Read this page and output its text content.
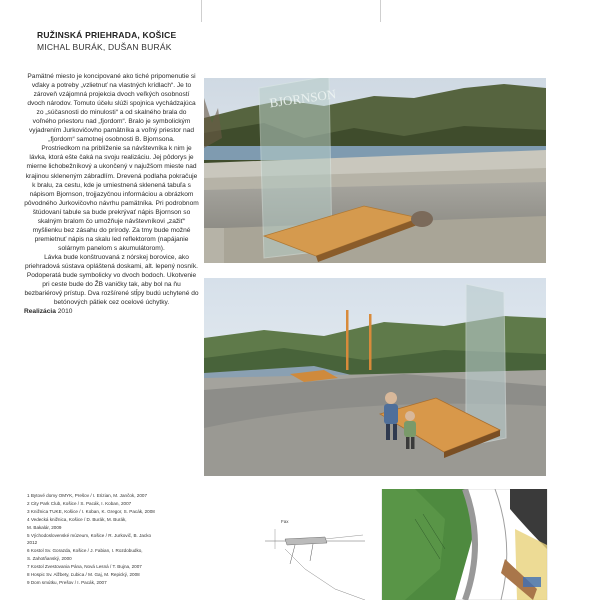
RUŽINSKÁ PRIEHRADA, KOŠICE
MICHAL BURÁK, DUŠAN BURÁK

Pamätné miesto je koncipované ako tiché pripomenutie si vďaky a potreby „vzlietnuť na vlastných krídlach“. Je to zároveň vzájomná projekcia dvoch veľkých osobností dvoch národov. Tomuto účelu slúži spojnica vychádzajúca zo „súčasnosti do minulosti“ a od skalného brala do voľného priestoru nad „fjordom“. Bralo je symbolickým vyjadrením Jurkovičovho pamätníka a voľný priestor nad „fjordom“ samotnej osobnosti B. Bjornsona.

Prostriedkom na priblíženie sa návštevníka k nim je lávka, ktorá ešte čaká na svoju realizáciu. Jej pôdorys je mierne lichobežníkový a ukončený v najužšom mieste nad krajinou skleneným zábradlím. Drevená podlaha pokračuje k bralu, za cestu, kde je umiestnená sklenená tabuľa s nápisom Bjornson, trojjazyčnou informáciou a obrázkom pôvodného Jurkovičovho návrhu pamätníka. Pri podrobnom štúdovaní tabule sa bude prekrývať nápis Bjornson so skalným bralom čo umožňuje návštevníkovi „zažiť“ myšlienku bez zásahu do prírody. Za tmy bude možné premietnuť nápis na skalu led reflektorom (napájanie solárnym panelom s akumulátorom).

Lávka bude konštruovaná z nórskej borovice, ako priehradová sústava opláštená doskami, alt. lepený nosník. Podoperatá bude symbolicky vo dvoch bodoch. Ukotvenie pri ceste bude do ŽB vaničky tak, aby bol na ňu bezbariérový prístup. Dva rozšírené stĺpy budú uchytené do betónových pätiek cez ocelové úchytky.

Realizácia 2010

BJORNSON
1 Bytové domy OMYK, Prešov / I. Erizian, M. Jančok, 2007
2 City Park Club, Košice / S. Pacák, I. Koban, 2007
3 Knižnica TUKE, Košice / I. Koban, K. Gregor, S. Pacák, 2008
4 Vedecká knižnica, Košice / D. Burák, M. Burák,
M. Bakalár, 2009
5 Východoslovenské múzeum, Košice / R. Jurkovič, B. Jacko
2012
6 Kostol Sv. Gorazda, Košice / J. Fabian, I. Rozdobudko,
S. Zahotňanský, 2000
7 Kostol Zvestovania Pána, Nová Lesná / T. Bujna, 2007
8 Hospic Sv. Alžbety, Ľubica / M. Gaj, M. Repický, 2008
9 Dom smútku, Prešov / I. Pacák, 2007
Fax
